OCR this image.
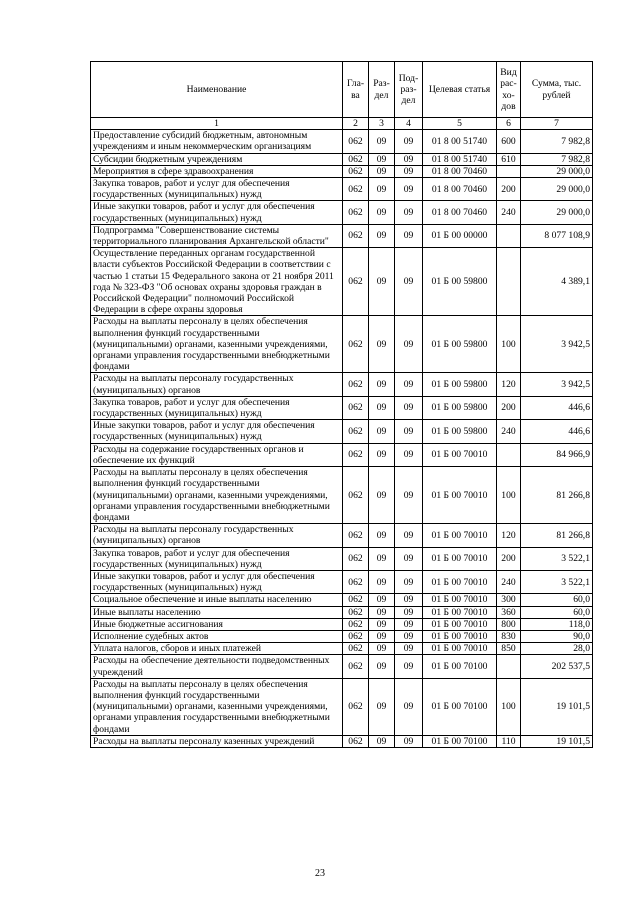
Наименование	Гла-ва	Раз-дел	Под-раз-дел	Целевая статья	Вид рас-хо-дов	Сумма, тыс. рублей
1	2	3	4	5	6	7
Предоставление субсидий бюджетным, автономным учреждениям и иным некоммерческим организациям	062	09	09	01 8 00 51740	600	7 982,8
Субсидии бюджетным учреждениям	062	09	09	01 8 00 51740	610	7 982,8
Мероприятия в сфере здравоохранения	062	09	09	01 8 00 70460		29 000,0
Закупка товаров, работ и услуг для обеспечения государственных (муниципальных) нужд	062	09	09	01 8 00 70460	200	29 000,0
Иные закупки товаров, работ и услуг для обеспечения государственных (муниципальных) нужд	062	09	09	01 8 00 70460	240	29 000,0
Подпрограмма "Совершенствование системы территориального планирования Архангельской области"	062	09	09	01 Б 00 00000		8 077 108,9
Осуществление переданных органам государственной власти субъектов Российской Федерации в соответствии с частью 1 статьи 15 Федерального закона от 21 ноября 2011 года № 323-ФЗ "Об основах охраны здоровья граждан в Российской Федерации" полномочий Российской Федерации в сфере охраны здоровья	062	09	09	01 Б 00 59800		4 389,1
Расходы на выплаты персоналу в целях обеспечения выполнения функций государственными (муниципальными) органами, казенными учреждениями, органами управления государственными внебюджетными фондами	062	09	09	01 Б 00 59800	100	3 942,5
Расходы на выплаты персоналу государственных (муниципальных) органов	062	09	09	01 Б 00 59800	120	3 942,5
Закупка товаров, работ и услуг для обеспечения государственных (муниципальных) нужд	062	09	09	01 Б 00 59800	200	446,6
Иные закупки товаров, работ и услуг для обеспечения государственных (муниципальных) нужд	062	09	09	01 Б 00 59800	240	446,6
Расходы на содержание государственных органов и обеспечение их функций	062	09	09	01 Б 00 70010		84 966,9
Расходы на выплаты персоналу в целях обеспечения выполнения функций государственными (муниципальными) органами, казенными учреждениями, органами управления государственными внебюджетными фондами	062	09	09	01 Б 00 70010	100	81 266,8
Расходы на выплаты персоналу государственных (муниципальных) органов	062	09	09	01 Б 00 70010	120	81 266,8
Закупка товаров, работ и услуг для обеспечения государственных (муниципальных) нужд	062	09	09	01 Б 00 70010	200	3 522,1
Иные закупки товаров, работ и услуг для обеспечения государственных (муниципальных) нужд	062	09	09	01 Б 00 70010	240	3 522,1
Социальное обеспечение и иные выплаты населению	062	09	09	01 Б 00 70010	300	60,0
Иные выплаты населению	062	09	09	01 Б 00 70010	360	60,0
Иные бюджетные ассигнования	062	09	09	01 Б 00 70010	800	118,0
Исполнение судебных актов	062	09	09	01 Б 00 70010	830	90,0
Уплата налогов, сборов и иных платежей	062	09	09	01 Б 00 70010	850	28,0
Расходы на обеспечение деятельности подведомственных учреждений	062	09	09	01 Б 00 70100		202 537,5
Расходы на выплаты персоналу в целях обеспечения выполнения функций государственными (муниципальными) органами, казенными учреждениями, органами управления государственными внебюджетными фондами	062	09	09	01 Б 00 70100	100	19 101,5
Расходы на выплаты персоналу казенных учреждений	062	09	09	01 Б 00 70100	110	19 101,5
23
